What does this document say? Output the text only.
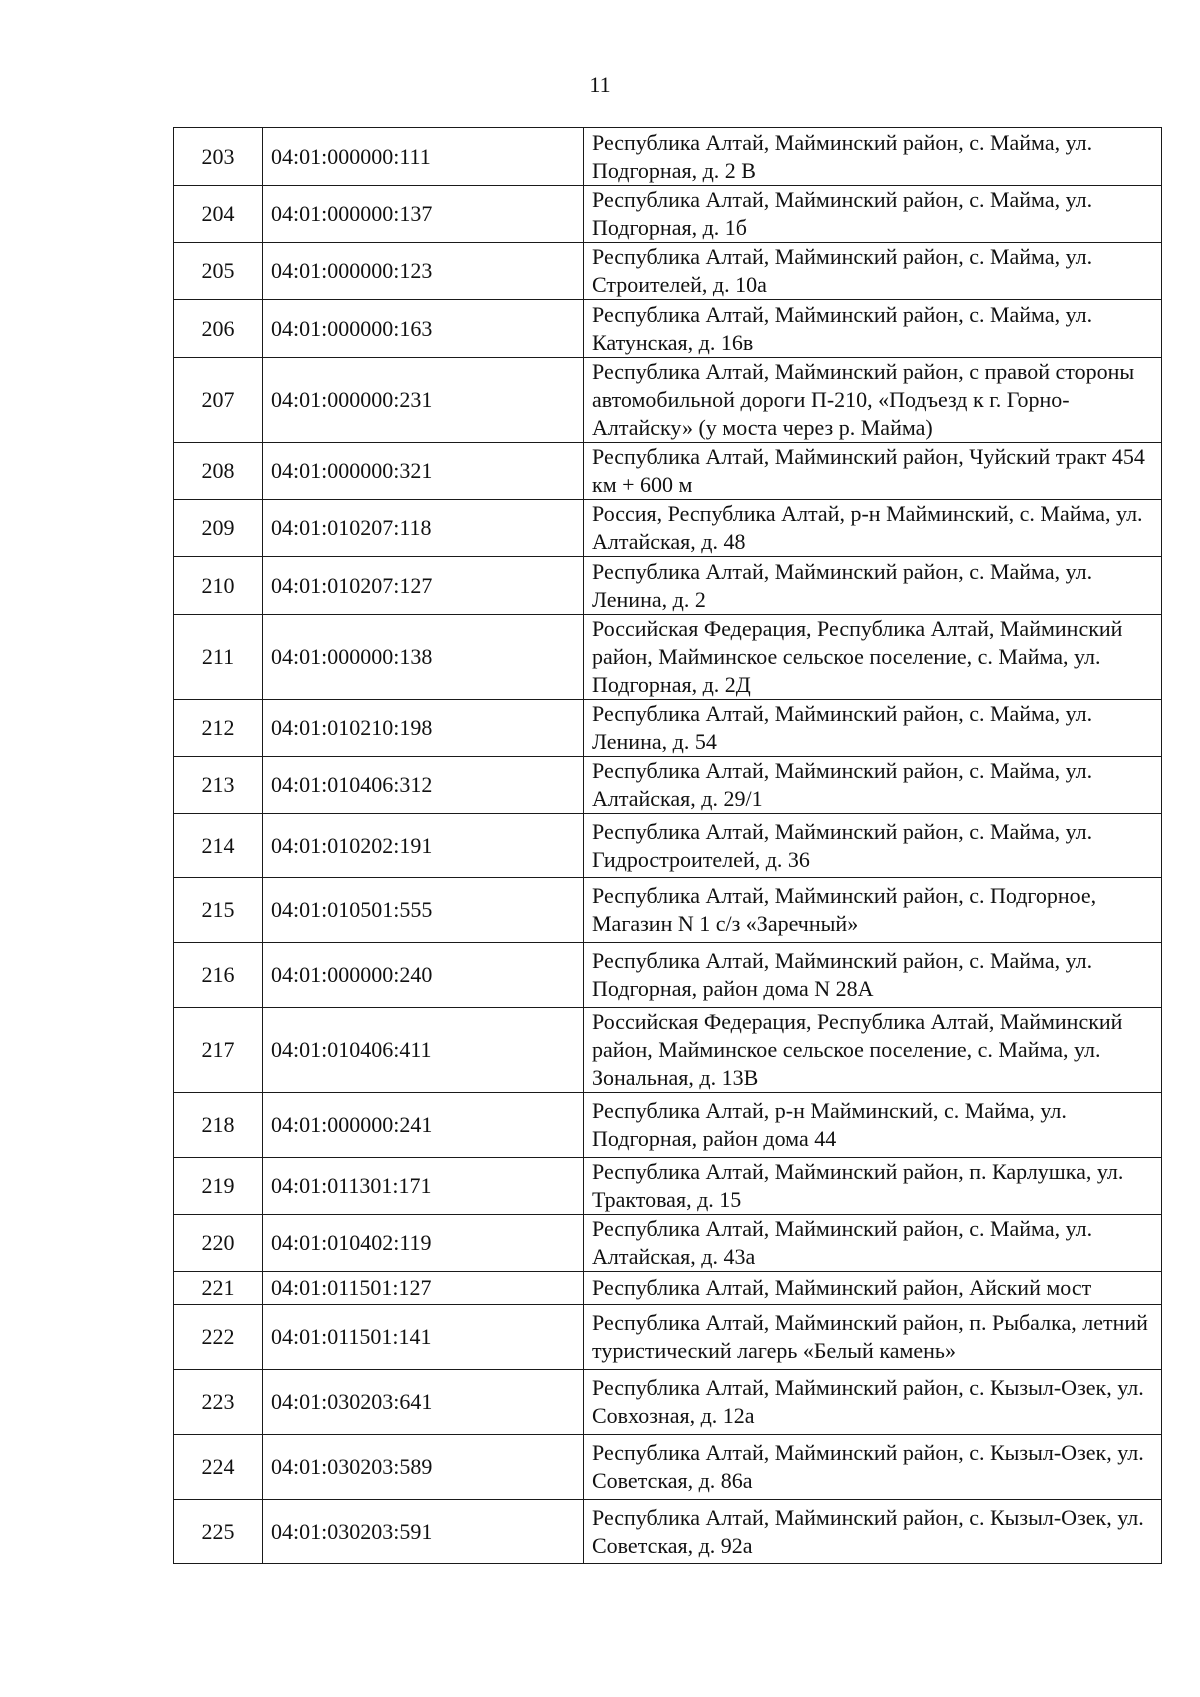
11
203	04:01:000000:111	Республика Алтай, Майминский район, с. Майма, ул. Подгорная, д. 2 В
204	04:01:000000:137	Республика Алтай, Майминский район, с. Майма, ул. Подгорная, д. 1б
205	04:01:000000:123	Республика Алтай, Майминский район, с. Майма, ул. Строителей, д. 10а
206	04:01:000000:163	Республика Алтай, Майминский район, с. Майма, ул. Катунская, д. 16в
207	04:01:000000:231	Республика Алтай, Майминский район, с правой стороны автомобильной дороги П-210, «Подъезд к г. Горно-Алтайску» (у моста через р. Майма)
208	04:01:000000:321	Республика Алтай, Майминский район, Чуйский тракт 454 км + 600 м
209	04:01:010207:118	Россия, Республика Алтай, р-н Майминский, с. Майма, ул. Алтайская, д. 48
210	04:01:010207:127	Республика Алтай, Майминский район, с. Майма, ул. Ленина, д. 2
211	04:01:000000:138	Российская Федерация, Республика Алтай, Майминский район, Майминское сельское поселение, с. Майма, ул. Подгорная, д. 2Д
212	04:01:010210:198	Республика Алтай, Майминский район, с. Майма, ул. Ленина, д. 54
213	04:01:010406:312	Республика Алтай, Майминский район, с. Майма, ул. Алтайская, д. 29/1
214	04:01:010202:191	Республика Алтай, Майминский район, с. Майма, ул. Гидростроителей, д. 36
215	04:01:010501:555	Республика Алтай, Майминский район, с. Подгорное, Магазин N 1 с/з «Заречный»
216	04:01:000000:240	Республика Алтай, Майминский район, с. Майма, ул. Подгорная, район дома N 28А
217	04:01:010406:411	Российская Федерация, Республика Алтай, Майминский район, Майминское сельское поселение, с. Майма, ул. Зональная, д. 13В
218	04:01:000000:241	Республика Алтай, р-н Майминский, с. Майма, ул. Подгорная, район дома 44
219	04:01:011301:171	Республика Алтай, Майминский район, п. Карлушка, ул. Трактовая, д. 15
220	04:01:010402:119	Республика Алтай, Майминский район, с. Майма, ул. Алтайская, д. 43а
221	04:01:011501:127	Республика Алтай, Майминский район, Айский мост
222	04:01:011501:141	Республика Алтай, Майминский район, п. Рыбалка, летний туристический лагерь «Белый камень»
223	04:01:030203:641	Республика Алтай, Майминский район, с. Кызыл-Озек, ул. Совхозная, д. 12а
224	04:01:030203:589	Республика Алтай, Майминский район, с. Кызыл-Озек, ул. Советская, д. 86а
225	04:01:030203:591	Республика Алтай, Майминский район, с. Кызыл-Озек, ул. Советская, д. 92а
